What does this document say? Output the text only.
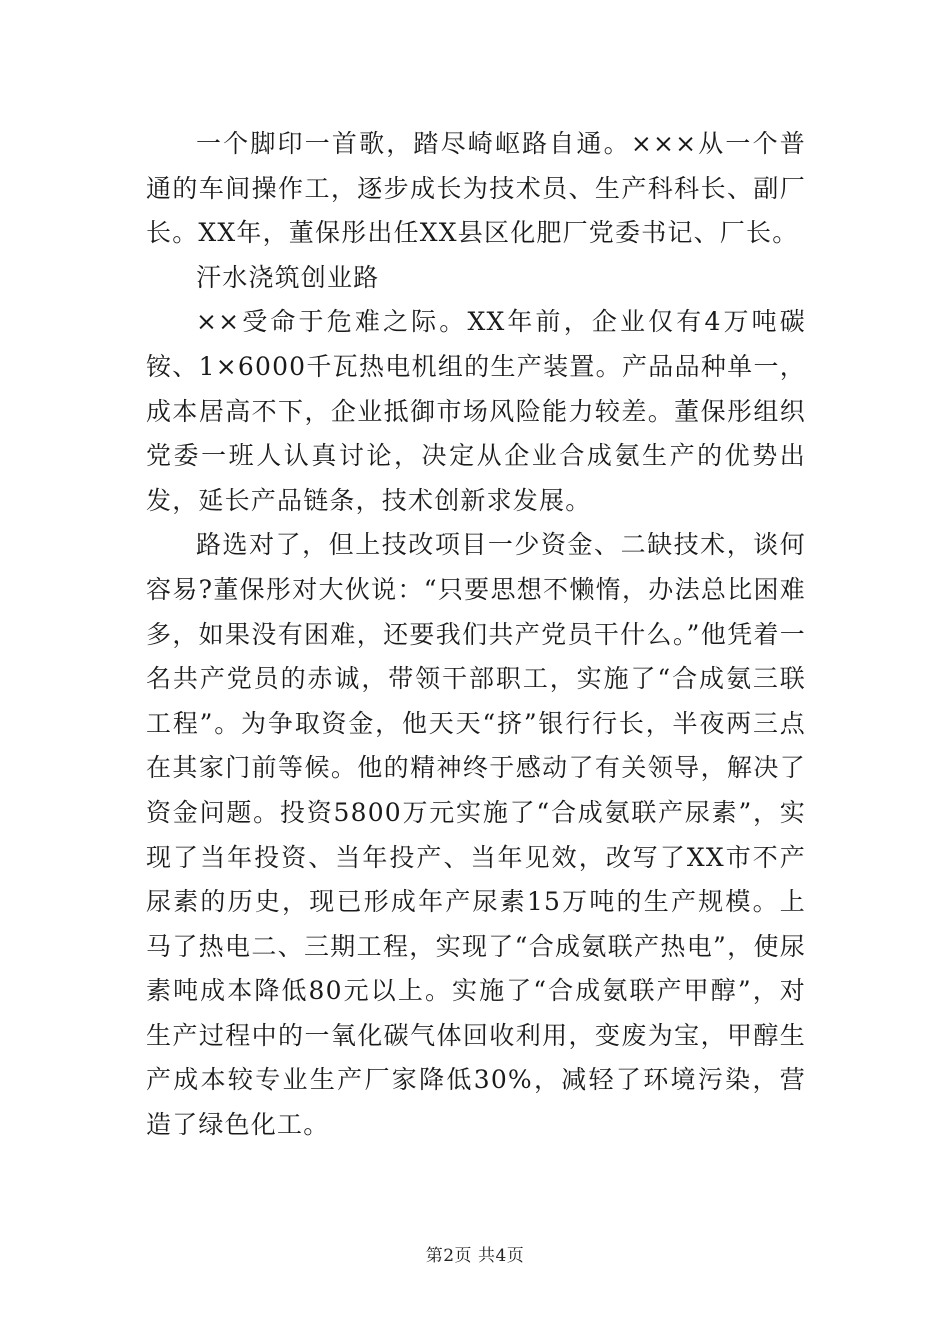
一个脚印一首歌，踏尽崎岖路自通。×××从一个普通的车间操作工，逐步成长为技术员、生产科科长、副厂长。XX年，董保彤出任XX县区化肥厂党委书记、厂长。

汗水浇筑创业路

××受命于危难之际。XX年前，企业仅有4万吨碳铵、1×6000千瓦热电机组的生产装置。产品品种单一，成本居高不下，企业抵御市场风险能力较差。董保彤组织党委一班人认真讨论，决定从企业合成氨生产的优势出发，延长产品链条，技术创新求发展。

路选对了，但上技改项目一少资金、二缺技术，谈何容易?董保彤对大伙说：“只要思想不懒惰，办法总比困难多，如果没有困难，还要我们共产党员干什么。”他凭着一名共产党员的赤诚，带领干部职工，实施了“合成氨三联工程”。为争取资金，他天天“挤”银行行长，半夜两三点在其家门前等候。他的精神终于感动了有关领导，解决了资金问题。投资5800万元实施了“合成氨联产尿素”，实现了当年投资、当年投产、当年见效，改写了XX市不产尿素的历史，现已形成年产尿素15万吨的生产规模。上马了热电二、三期工程，实现了“合成氨联产热电”，使尿素吨成本降低80元以上。实施了“合成氨联产甲醇”，对生产过程中的一氧化碳气体回收利用，变废为宝，甲醇生产成本较专业生产厂家降低30%，减轻了环境污染，营造了绿色化工。

第2页 共4页
